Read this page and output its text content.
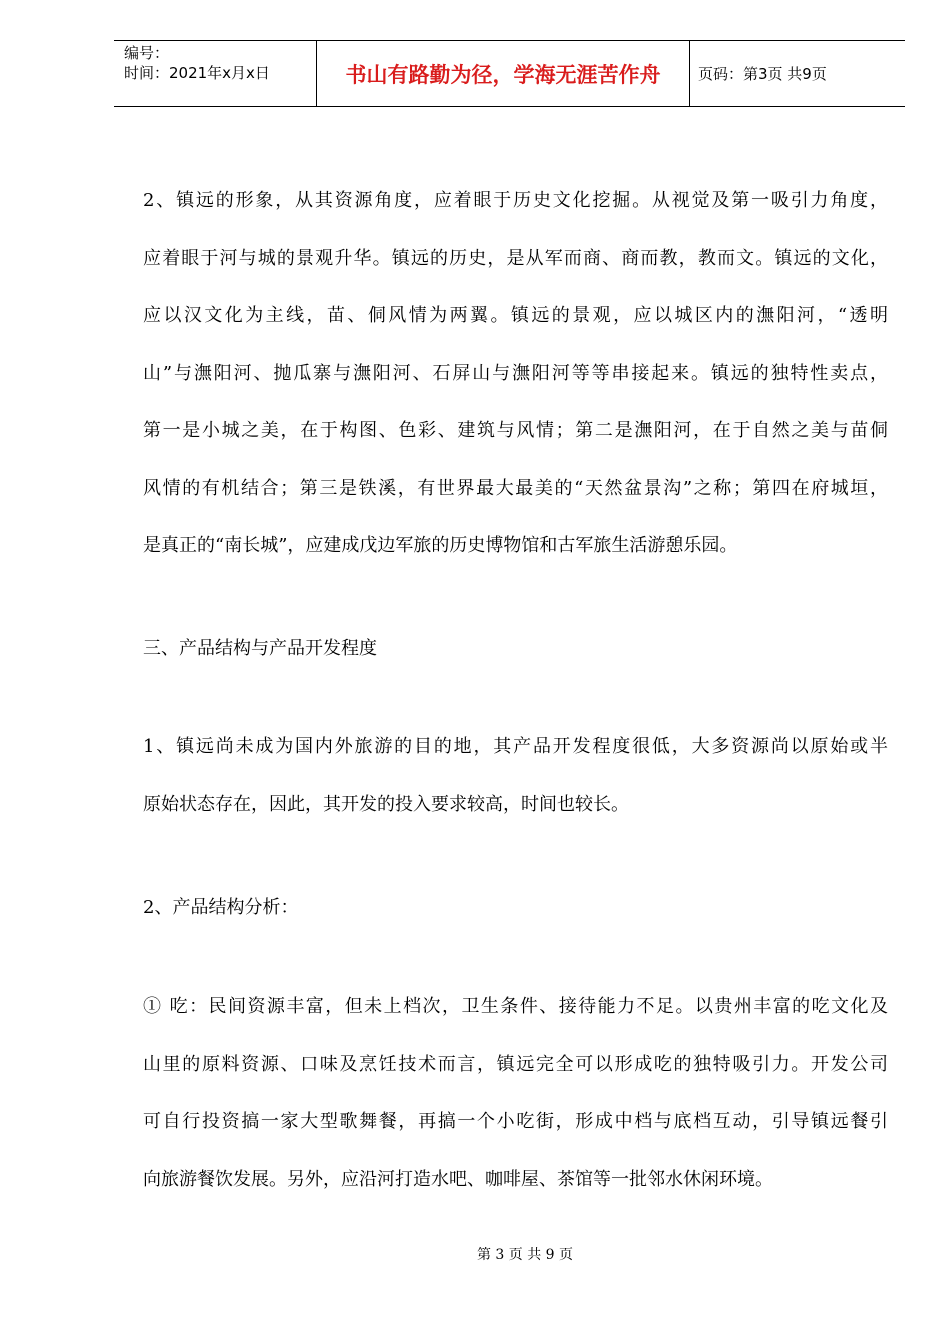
编号：
时间：2021年x月x日	书山有路勤为径，学海无涯苦作舟	页码：第3页 共9页
2、镇远的形象，从其资源角度，应着眼于历史文化挖掘。从视觉及第一吸引力角度，
应着眼于河与城的景观升华。镇远的历史，是从军而商、商而教，教而文。镇远的文化，
应以汉文化为主线，苗、侗风情为两翼。镇远的景观，应以城区内的潕阳河，“透明
山”与潕阳河、抛瓜寨与潕阳河、石屏山与潕阳河等等串接起来。镇远的独特性卖点，
第一是小城之美，在于构图、色彩、建筑与风情；第二是潕阳河，在于自然之美与苗侗
风情的有机结合；第三是铁溪，有世界最大最美的“天然盆景沟”之称；第四在府城垣，
是真正的“南长城”，应建成戊边军旅的历史博物馆和古军旅生活游憩乐园。
三、产品结构与产品开发程度
1、镇远尚未成为国内外旅游的目的地，其产品开发程度很低，大多资源尚以原始或半
原始状态存在，因此，其开发的投入要求较高，时间也较长。
2、产品结构分析：
① 吃：民间资源丰富，但未上档次，卫生条件、接待能力不足。以贵州丰富的吃文化及
山里的原料资源、口味及烹饪技术而言，镇远完全可以形成吃的独特吸引力。开发公司
可自行投资搞一家大型歌舞餐，再搞一个小吃街，形成中档与底档互动，引导镇远餐引
向旅游餐饮发展。另外，应沿河打造水吧、咖啡屋、茶馆等一批邻水休闲环境。
第 3 页 共 9 页
